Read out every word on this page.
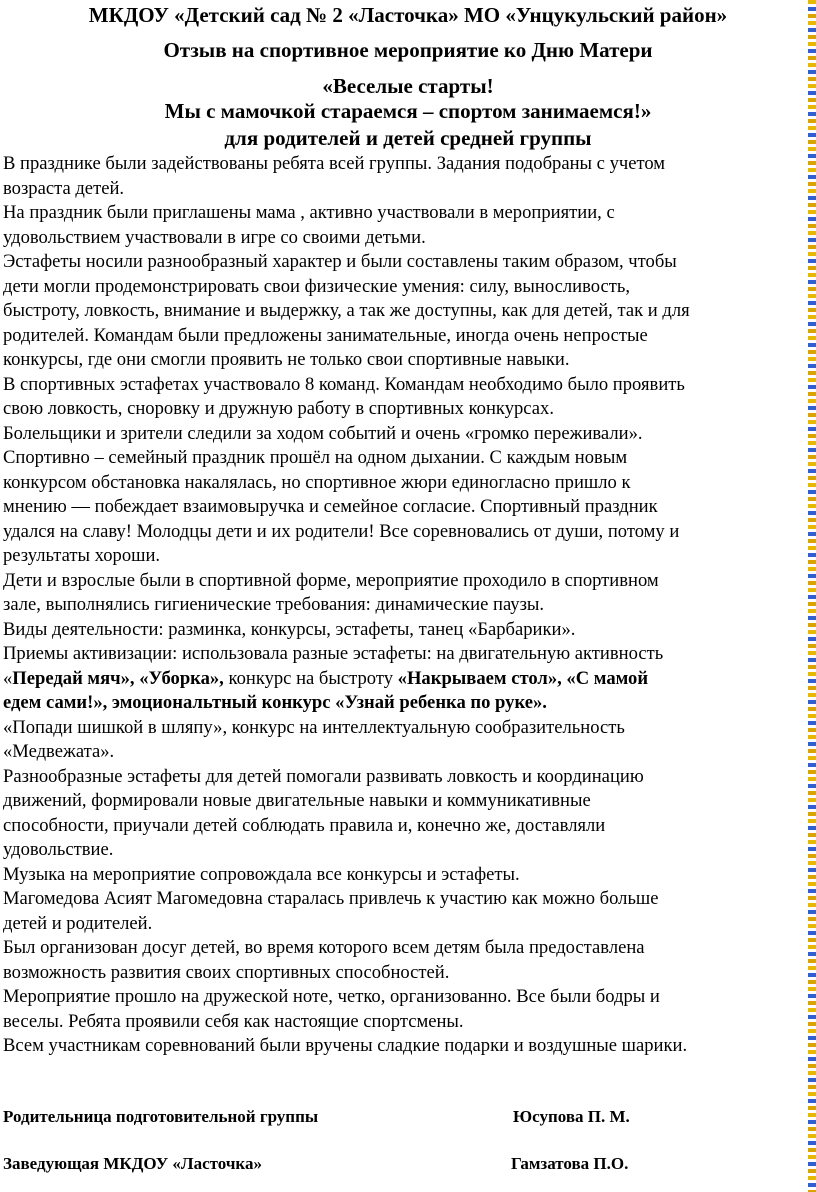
МКДОУ «Детский сад № 2 «Ласточка» МО «Унцукульский район»
Отзыв на спортивное мероприятие ко Дню Матери
«Веселые старты!
Мы с мамочкой стараемся – спортом занимаемся!»
для родителей и детей средней группы
В празднике были задействованы ребята всей группы. Задания подобраны с учетом
возраста детей.
На праздник были приглашены мама , активно участвовали в мероприятии, с
удовольствием участвовали в игре со своими детьми.
Эстафеты носили разнообразный характер и были составлены таким образом, чтобы
дети могли продемонстрировать свои физические умения: силу, выносливость,
быстроту, ловкость, внимание и выдержку, а так же доступны, как для детей, так и для
родителей. Командам были предложены занимательные, иногда очень непростые
конкурсы, где они смогли проявить не только свои спортивные навыки.
В спортивных эстафетах участвовало 8 команд. Командам необходимо было проявить
свою ловкость, сноровку и дружную работу в спортивных конкурсах.
Болельщики и зрители следили за ходом событий и очень «громко переживали».
Спортивно – семейный праздник прошёл на одном дыхании. С каждым новым
конкурсом обстановка накалялась, но спортивное жюри единогласно пришло к
мнению — побеждает взаимовыручка и семейное согласие. Спортивный праздник
удался на славу! Молодцы дети и их родители! Все соревновались от души, потому и
результаты хороши.
Дети и взрослые были в спортивной форме, мероприятие проходило в спортивном
зале, выполнялись гигиенические требования: динамические паузы.
Виды деятельности: разминка, конкурсы, эстафеты, танец «Барбарики».
Приемы активизации: использовала разные эстафеты: на двигательную активность
«Передай мяч», «Уборка», конкурс на быстроту «Накрываем стол», «С мамой
едем сами!», эмоциональтный конкурс «Узнай ребенка по руке».
«Попади шишкой в шляпу», конкурс на интеллектуальную сообразительность
«Медвежата».
Разнообразные эстафеты для детей помогали развивать ловкость и координацию
движений, формировали новые двигательные навыки и коммуникативные
способности, приучали детей соблюдать правила и, конечно же, доставляли
удовольствие.
Музыка на мероприятие сопровождала все конкурсы и эстафеты.
Магомедова Асият Магомедовна старалась привлечь к участию как можно больше
детей и родителей.
Был организован досуг детей, во время которого всем детям была предоставлена
возможность развития своих спортивных способностей.
Мероприятие прошло на дружеской ноте, четко, организованно. Все были бодры и
веселы. Ребята проявили себя как настоящие спортсмены.
Всем участникам соревнований были вручены сладкие подарки и воздушные шарики.
Родительница подготовительной группы	Юсупова П. М.
Заведующая МКДОУ «Ласточка»	Гамзатова П.О.
